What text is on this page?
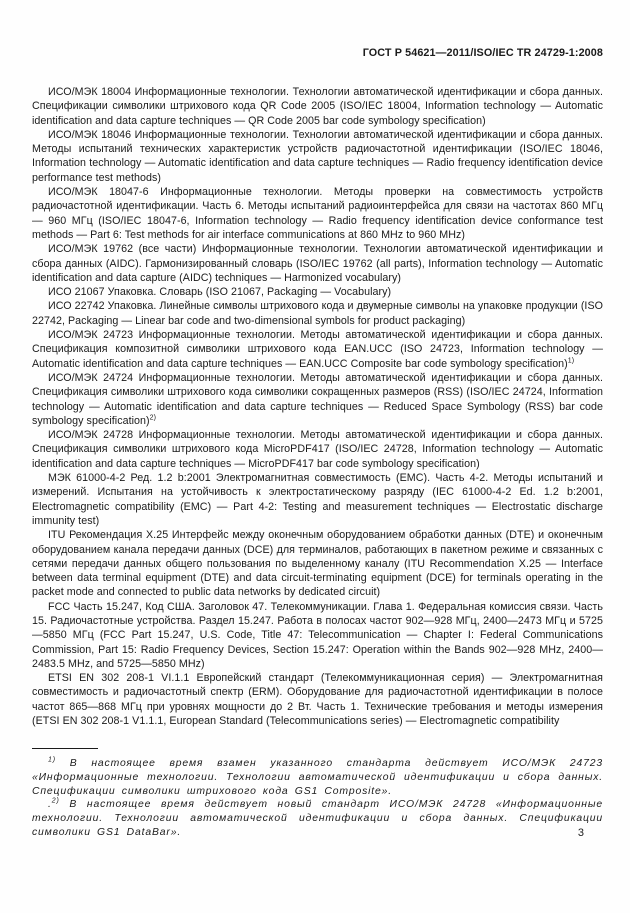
ГОСТ Р 54621—2011/ISO/IEC TR 24729-1:2008

ИСО/МЭК 18004 Информационные технологии. Технологии автоматической идентификации и сбора данных. Спецификации символики штрихового кода QR Code 2005 (ISO/IEC 18004, Information technology — Automatic identification and data capture techniques — QR Code 2005 bar code symbology specification)

ИСО/МЭК 18046 Информационные технологии. Технологии автоматической идентификации и сбора данных. Методы испытаний технических характеристик устройств радиочастотной идентификации (ISO/IEC 18046, Information technology — Automatic identification and data capture techniques — Radio frequency identification device performance test methods)

ИСО/МЭК 18047-6 Информационные технологии. Методы проверки на совместимость устройств радиочастотной идентификации. Часть 6. Методы испытаний радиоинтерфейса для связи на частотах 860 МГц — 960 МГц (ISO/IEC 18047-6, Information technology — Radio frequency identification device conformance test methods — Part 6: Test methods for air interface communications at 860 MHz to 960 MHz)

ИСО/МЭК 19762 (все части) Информационные технологии. Технологии автоматической идентификации и сбора данных (AIDC). Гармонизированный словарь (ISO/IEC 19762 (all parts), Information technology — Automatic identification and data capture (AIDC) techniques — Harmonized vocabulary)

ИСО 21067 Упаковка. Словарь (ISO 21067, Packaging — Vocabulary)

ИСО 22742 Упаковка. Линейные символы штрихового кода и двумерные символы на упаковке продукции (ISO 22742, Packaging — Linear bar code and two-dimensional symbols for product packaging)

ИСО/МЭК 24723 Информационные технологии. Методы автоматической идентификации и сбора данных. Спецификация композитной символики штрихового кода EAN.UCC (ISO 24723, Information technology — Automatic identification and data capture techniques — EAN.UCC Composite bar code symbology specification)$^{1)}$

ИСО/МЭК 24724 Информационные технологии. Методы автоматической идентификации и сбора данных. Спецификация символики штрихового кода символики сокращенных размеров (RSS) (ISO/IEC 24724, Information technology — Automatic identification and data capture techniques — Reduced Space Symbology (RSS) bar code symbology specification)$^{2)}$

ИСО/МЭК 24728 Информационные технологии. Методы автоматической идентификации и сбора данных. Спецификация символики штрихового кода MicroPDF417 (ISO/IEC 24728, Information technology — Automatic identification and data capture techniques — MicroPDF417 bar code symbology specification)

МЭК 61000-4-2 Ред. 1.2 b:2001 Электромагнитная совместимость (ЕМС). Часть 4-2. Методы испытаний и измерений. Испытания на устойчивость к электростатическому разряду (IEC 61000-4-2 Ed. 1.2 b:2001, Electromagnetic compatibility (EMC) — Part 4-2: Testing and measurement techniques — Electrostatic discharge immunity test)

ITU Рекомендация Х.25 Интерфейс между оконечным оборудованием обработки данных (DTE) и оконечным оборудованием канала передачи данных (DCE) для терминалов, работающих в пакетном режиме и связанных с сетями передачи данных общего пользования по выделенному каналу (ITU Recommendation X.25 — Interface between data terminal equipment (DTE) and data circuit-terminating equipment (DCE) for terminals operating in the packet mode and connected to public data networks by dedicated circuit)

FCC Часть 15.247, Код США. Заголовок 47. Телекоммуникации. Глава 1. Федеральная комиссия связи. Часть 15. Радиочастотные устройства. Раздел 15.247. Работа в полосах частот 902—928 МГц, 2400—2473 МГц и 5725—5850 МГц (FCC Part 15.247, U.S. Code, Title 47: Telecommunication — Chapter I: Federal Communications Commission, Part 15: Radio Frequency Devices, Section 15.247: Operation within the Bands 902—928 MHz, 2400—2483.5 MHz, and 5725—5850 MHz)

ETSI EN 302 208-1 VI.1.1 Европейский стандарт (Телекоммуникационная серия) — Электромагнитная совместимость и радиочастотный спектр (ERM). Оборудование для радиочастотной идентификации в полосе частот 865—868 МГц при уровнях мощности до 2 Вт. Часть 1. Технические требования и методы измерения (ETSI EN 302 208-1 V1.1.1, European Standard (Telecommunications series) — Electromagnetic compatibility

$^{1)}$ В настоящее время взамен указанного стандарта действует ИСО/МЭК 24723 «Информационные технологии. Технологии автоматической идентификации и сбора данных. Спецификации символики штрихового кода GS1 Composite».

.$^{2)}$ В настоящее время действует новый стандарт ИСО/МЭК 24728 «Информационные технологии. Технологии автоматической идентификации и сбора данных. Спецификации символики GS1 DataBar».	3
